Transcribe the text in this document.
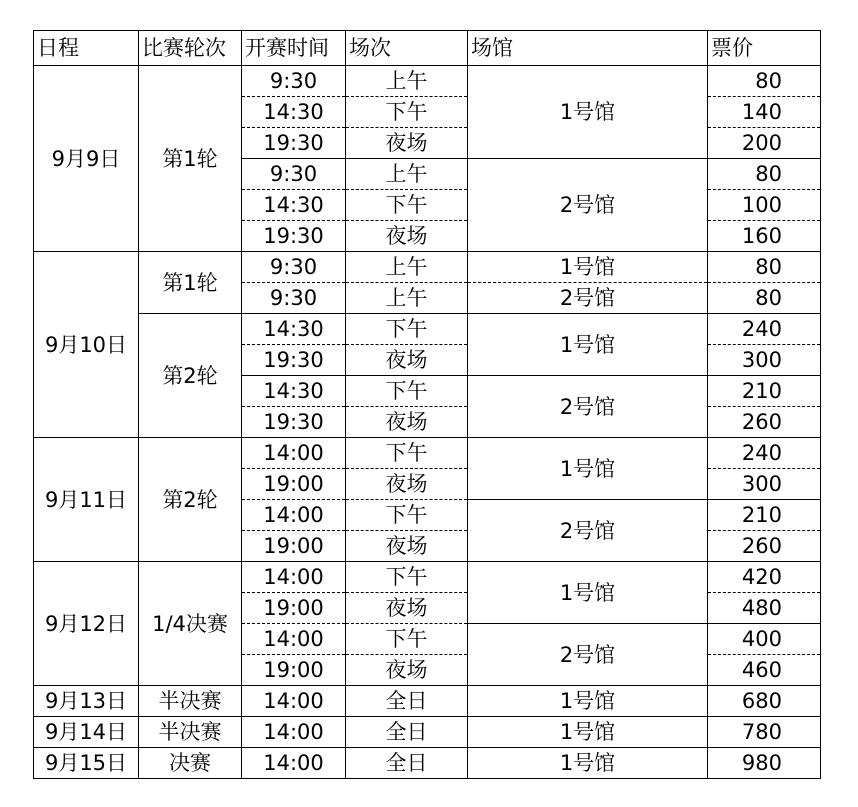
日程	比赛轮次	开赛时间	场次	场馆	票价
9月9日	第1轮	9:30	上午	1号馆	80
		14:30	下午		140
		19:30	夜场		200
		9:30	上午	2号馆	80
		14:30	下午		100
		19:30	夜场		160
9月10日	第1轮	9:30	上午	1号馆	80
		9:30	上午	2号馆	80
	第2轮	14:30	下午	1号馆	240
		19:30	夜场		300
		14:30	下午	2号馆	210
		19:30	夜场		260
9月11日	第2轮	14:00	下午	1号馆	240
		19:00	夜场		300
		14:00	下午	2号馆	210
		19:00	夜场		260
9月12日	1/4决赛	14:00	下午	1号馆	420
		19:00	夜场		480
		14:00	下午	2号馆	400
		19:00	夜场		460
9月13日	半决赛	14:00	全日	1号馆	680
9月14日	半决赛	14:00	全日	1号馆	780
9月15日	决赛	14:00	全日	1号馆	980
